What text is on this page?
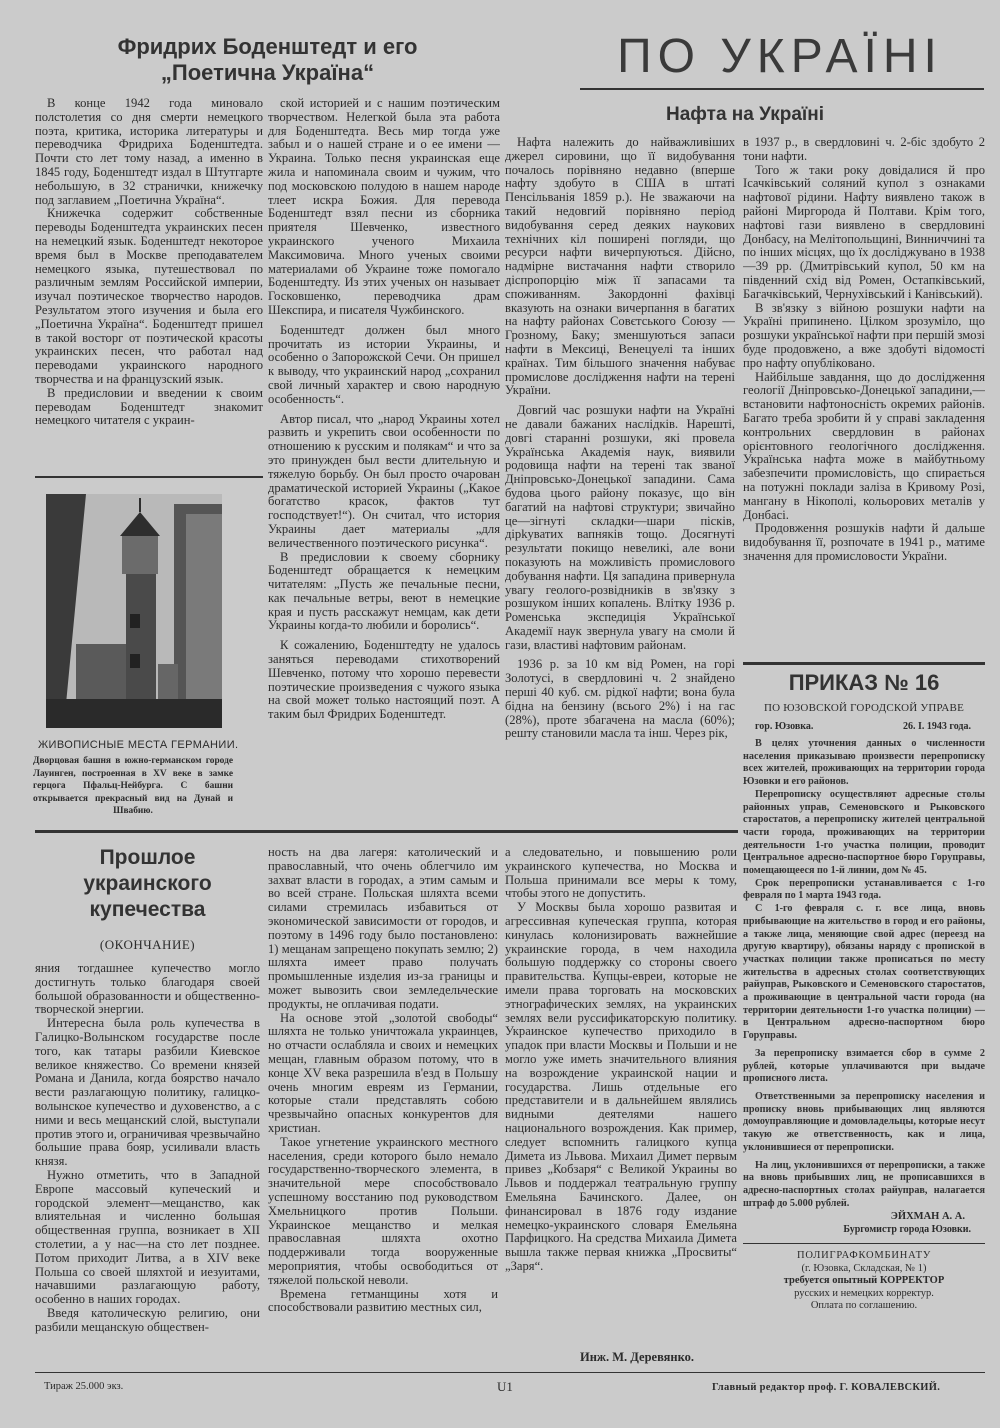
Фридрих Боденштедт и его
„Поетична Україна“

В конце 1942 года миновало полстолетия со дня смерти немецкого поэта, критика, историка литературы и переводчика Фридриха Боденштедта. Почти сто лет тому назад, а именно в 1845 году, Боденштедт издал в Штутгарте небольшую, в 32 странички, книжечку под заглавием „Поетична Україна“.

Книжечка содержит собственные переводы Боденштедта украинских песен на немецкий язык. Боденштедт некоторое время был в Москве преподавателем немецкого языка, путешествовал по различным землям Российской империи, изучал поэтическое творчество народов. Результатом этого изучения и была его „Поетична Україна“. Боденштедт пришел в такой восторг от поэтической красоты украинских песен, что работал над переводами украинского народного творчества и на французский язык.

В предисловии и введении к своим переводам Боденштедт знакомит немецкого читателя с украин-

ЖИВОПИСНЫЕ МЕСТА ГЕРМАНИИ.
Дворцовая башня в южно-германском городе Лауинген, построенная в XV веке в замке герцога Пфальц-Нейбурга. С башни открывается прекрасный вид на Дунай и Швабию.

ской историей и с нашим поэтическим творчеством. Нелегкой была эта работа для Боденштедта. Весь мир тогда уже забыл и о нашей стране и о ее имени — Украина. Только песня украинская еще жила и напоминала своим и чужим, что под московскою полудою в нашем народе тлеет искра Божия. Для перевода Боденштедт взял песни из сборника приятеля Шевченко, известного украинского ученого Михаила Максимовича. Много ученых своими материалами об Украине тоже помогало Боденштедту. Из этих ученых он называет Госковшенко, переводчика драм Шекспира, и писателя Чужбинского.

Боденштедт должен был много прочитать из истории Украины, и особенно о Запорожской Сечи. Он пришел к выводу, что украинский народ „сохранил свой личный характер и свою народную особенность“.

Автор писал, что „народ Украины хотел развить и укрепить свои особенности по отношению к русским и полякам“ и что за это принужден был вести длительную и тяжелую борьбу. Он был просто очарован драматической историей Украины („Какое богатство красок, фактов тут господствует!“). Он считал, что история Украины дает материалы „для величественного поэтического рисунка“.

В предисловии к своему сборнику Боденштедт обращается к немецким читателям: „Пусть же печальные песни, как печальные ветры, веют в немецкие края и пусть расскажут немцам, как дети Украины когда-то любили и боролись“.

К сожалению, Боденштедту не удалось заняться переводами стихотворений Шевченко, потому что хорошо перевести поэтические произведения с чужого языка на свой может только настоящий поэт. А таким был Фридрих Боденштедт.

ПО УКРАЇНІ
Нафта на Україні

Нафта належить до найважливіших джерел сировини, що її видобування почалось порівняно недавно (вперше нафту здобуто в США в штаті Пенсільванія 1859 р.). Не зважаючи на такий недовгий порівняно період видобування серед деяких наукових технічних кіл поширені погляди, що ресурси нафти вичерпуються. Дійсно, надмірне вистачання нафти створило діспропорцію між її запасами та споживанням. Закордонні фахівці вказують на ознаки вичерпання в багатих на нафту районах Совєтського Союзу — Грозному, Баку; зменшуються запаси нафти в Мексиці, Венецуелі та інших країнах. Тим більшого значення набуває промислове дослідження нафти на терені України.

Довгий час розшуки нафти на Україні не давали бажаних наслідків. Нарешті, довгі старанні розшуки, які провела Українська Академія наук, виявили родовища нафти на терені так званої Дніпровсько-Донецької западини. Сама будова цього району показує, що він багатий на нафтові структури; звичайно це—зігнуті складки—шари пісків, дірkуватих вапняків тощо. Досягнуті результати покищо невеликі, але вони показують на можливість промислового добування нафти. Ця западина привернула увагу геолого-розвідників в зв'язку з розшуком інших копалень. Влітку 1936 р. Роменська экспедиція Української Академії наук звернула увагу на смоли й гази, властиві нафтовим районам.

1936 р. за 10 км від Ромен, на горі Золотусі, в свердловині ч. 2 знайдено перші 40 куб. см. рідкої нафти; вона була бідна на бензину (всього 2%) і на гас (28%), проте збагачена на масла (60%); решту становили масла та інш. Через рік,

в 1937 р., в свердловині ч. 2-біс здобуто 2 тони нафти.

Того ж таки року довідалися й про Ісачківський соляний купол з ознаками нафтової рідини. Нафту виявлено також в районі Миргорода й Полтави. Крім того, нафтові гази виявлено в свердловині Донбасу, на Мелітопольщині, Винниччині та по інших місцях, що їх досліджувано в 1938—39 рр. (Дмитрівський купол, 50 км на південний схід від Ромен, Остапківський, Багачківський, Чернухівський і Канівський).

В зв'язку з війною розшуки нафти на Україні припинено. Цілком зрозуміло, що розшуки української нафти при першій змозі буде продовжено, а вже здобуті відомості про нафту опубліковано.

Найбільше завдання, що до дослідження геології Дніпровсько-Донецької западини,—встановити нафтоносність окремих районів. Багато треба зробити й у справі закладення контрольних свердловин в районах орієнтовного геологічного дослідження. Українська нафта може в майбутньому забезпечити промисловість, що спирається на потужні поклади заліза в Кривому Розі, мангану в Нікополі, кольорових металів у Донбасі.

Продовження розшуків нафти й дальше видобування її, розпочате в 1941 р., матиме значення для промисловости України.

ПРИКАЗ № 16
ПО ЮЗОВСКОЙ ГОРОДСКОЙ УПРАВЕ
гор. Юзовка.	26. I. 1943 года.

В целях уточнения данных о численности населения приказываю произвести перепрописку всех жителей, проживающих на территории города Юзовки и его районов.

Перепрописку осуществляют адресные столы районных управ, Семеновского и Рыковского старостатов, а перепрописку жителей центральной части города, проживающих на территории деятельности 1-го участка полиции, проводит Центральное адресно-паспортное бюро Горуправы, помещающееся по 1-й линии, дом № 45.

Срок перепрописки устанавливается с 1-го февраля по 1 марта 1943 года.

С 1-го февраля с. г. все лица, вновь прибывающие на жительство в город и его районы, а также лица, меняющие свой адрес (переезд на другую квартиру), обязаны наряду с пропиской в участках полиции также прописаться по месту жительства в адресных столах соответствующих райуправ, Рыковского и Семеновского старостатов, а проживающие в центральной части города (на территории деятельности 1-го участка полиции) — в Центральном адресно-паспортном бюро Горуправы.

За перепрописку взимается сбор в сумме 2 рублей, которые уплачиваются при выдаче прописного листа.

Ответственными за перепрописку населения и прописку вновь прибывающих лиц являются домоуправляющие и домовладельцы, которые несут такую же ответственность, как и лица, уклонившиеся от перепрописки.

На лиц, уклонившихся от перепрописки, а также на вновь прибывших лиц, не прописавшихся в адресно-паспортных столах райуправ, налагается штраф до 5.000 рублей.

ЭЙХМАН А. А.
Бургомистр города Юзовки.
ПОЛИГРАФКОМБИНАТУ
(г. Юзовка, Складская, № 1)
требуется опытный КОРРЕКТОР
русских и немецких корректур.
Оплата по соглашению.
Прошлое
украинского
купечества
(ОКОНЧАНИЕ)

яния тогдашнее купечество могло достигнуть только благодаря своей большой образованности и общественно-творческой энергии.

Интересна была роль купечества в Галицко-Волынском государстве после того, как татары разбили Киевское великое княжество. Со времени князей Романа и Данила, когда боярство начало вести разлагающую политику, галицко-волынское купечество и духовенство, а с ними и весь мещанский слой, выступали против этого и, ограничивая чрезвычайно большие права бояр, усиливали власть князя.

Нужно отметить, что в Западной Европе массовый купеческий и городской элемент—мещанство, как влиятельная и численно большая общественная группа, возникает в XII столетии, а у нас—на сто лет позднее. Потом приходит Литва, а в XIV веке Польша со своей шляхтой и иезуитами, начавшими разлагающую работу, особенно в наших городах.

Введя католическую религию, они разбили мещанскую обществен-

ность на два лагеря: католический и православный, что очень облегчило им захват власти в городах, а этим самым и во всей стране. Польская шляхта всеми силами стремилась избавиться от экономической зависимости от городов, и поэтому в 1496 году было постановлено: 1) мещанам запрещено покупать землю; 2) шляхта имеет право получать промышленные изделия из-за границы и может вывозить свои земледельческие продукты, не оплачивая подати.

На основе этой „золотой свободы“ шляхта не только уничтожала украинцев, но отчасти ослабляла и своих и немецких мещан, главным образом потому, что в конце XV века разрешила в'езд в Польшу очень многим евреям из Германии, которые стали представлять собою чрезвычайно опасных конкурентов для христиан.

Такое угнетение украинского местного населения, среди которого было немало государственно-творческого элемента, в значительной мере способствовало успешному восстанию под руководством Хмельницкого против Польши. Украинское мещанство и мелкая православная шляхта охотно поддерживали тогда вооруженные мероприятия, чтобы освободиться от тяжелой польской неволи.

Времена гетманщины хотя и способствовали развитию местных сил,

а следовательно, и повышению роли украинского купечества, но Москва и Польша принимали все меры к тому, чтобы этого не допустить.

У Москвы была хорошо развитая и агрессивная купеческая группа, которая кинулась колонизировать важнейшие украинские города, в чем находила большую поддержку со стороны своего правительства. Купцы-евреи, которые не имели права торговать на московских этнографических землях, на украинских землях вели руссификаторскую политику. Украинское купечество приходило в упадок при власти Москвы и Польши и не могло уже иметь значительного влияния на возрождение украинской нации и государства. Лишь отдельные его представители и в дальнейшем являлись видными деятелями нашего национального возрождения. Как пример, следует вспомнить галицкого купца Димета из Львова. Михаил Димет первым привез „Кобзаря“ с Великой Украины во Львов и поддержал театральную группу Емельяна Бачинского. Далее, он финансировал в 1876 году издание немецко-украинского словаря Емельяна Парфицкого. На средства Михаила Димета вышла также первая книжка „Просвиты“ „Заря“.

Инж. М. Деревянко.
Тираж 25.000 экз.	U1	Главный редактор проф. Г. КОВАЛЕВСКИЙ.
